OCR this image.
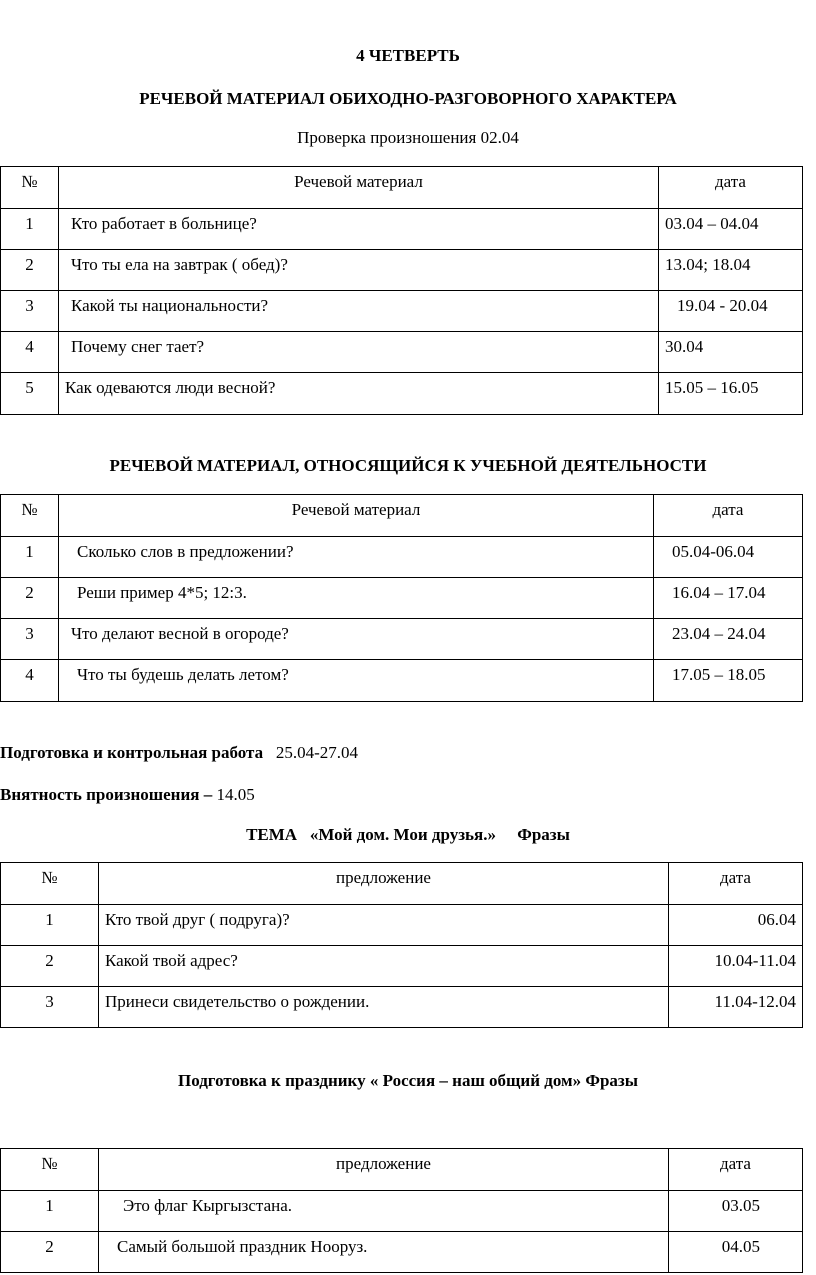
4 ЧЕТВЕРТЬ
РЕЧЕВОЙ МАТЕРИАЛ ОБИХОДНО-РАЗГОВОРНОГО ХАРАКТЕРА
Проверка произношения 02.04
№	Речевой материал	дата
1	Кто работает в больнице?	03.04 – 04.04
2	Что ты ела на завтрак ( обед)?	13.04; 18.04
3	Какой ты национальности?	19.04 - 20.04
4	Почему снег тает?	30.04
5	Как одеваются люди весной?	15.05 – 16.05
РЕЧЕВОЙ МАТЕРИАЛ, ОТНОСЯЩИЙСЯ К УЧЕБНОЙ ДЕЯТЕЛЬНОСТИ
№	Речевой материал	дата
1	Сколько слов в предложении?	05.04-06.04
2	Реши пример 4*5; 12:3.	16.04 – 17.04
3	Что делают весной в огороде?	23.04 – 24.04
4	Что ты будешь делать летом?	17.05 – 18.05
Подготовка и контрольная работа 25.04-27.04
Внятность произношения – 14.05
ТЕМА   «Мой дом. Мои друзья.»     Фразы
№	предложение	дата
1	Кто твой друг ( подруга)?	06.04
2	Какой твой адрес?	10.04-11.04
3	Принеси свидетельство о рождении.	11.04-12.04
Подготовка к празднику « Россия – наш общий дом» Фразы
№	предложение	дата
1	Это флаг Кыргызстана.	03.05
2	Самый большой праздник Нооруз.	04.05
